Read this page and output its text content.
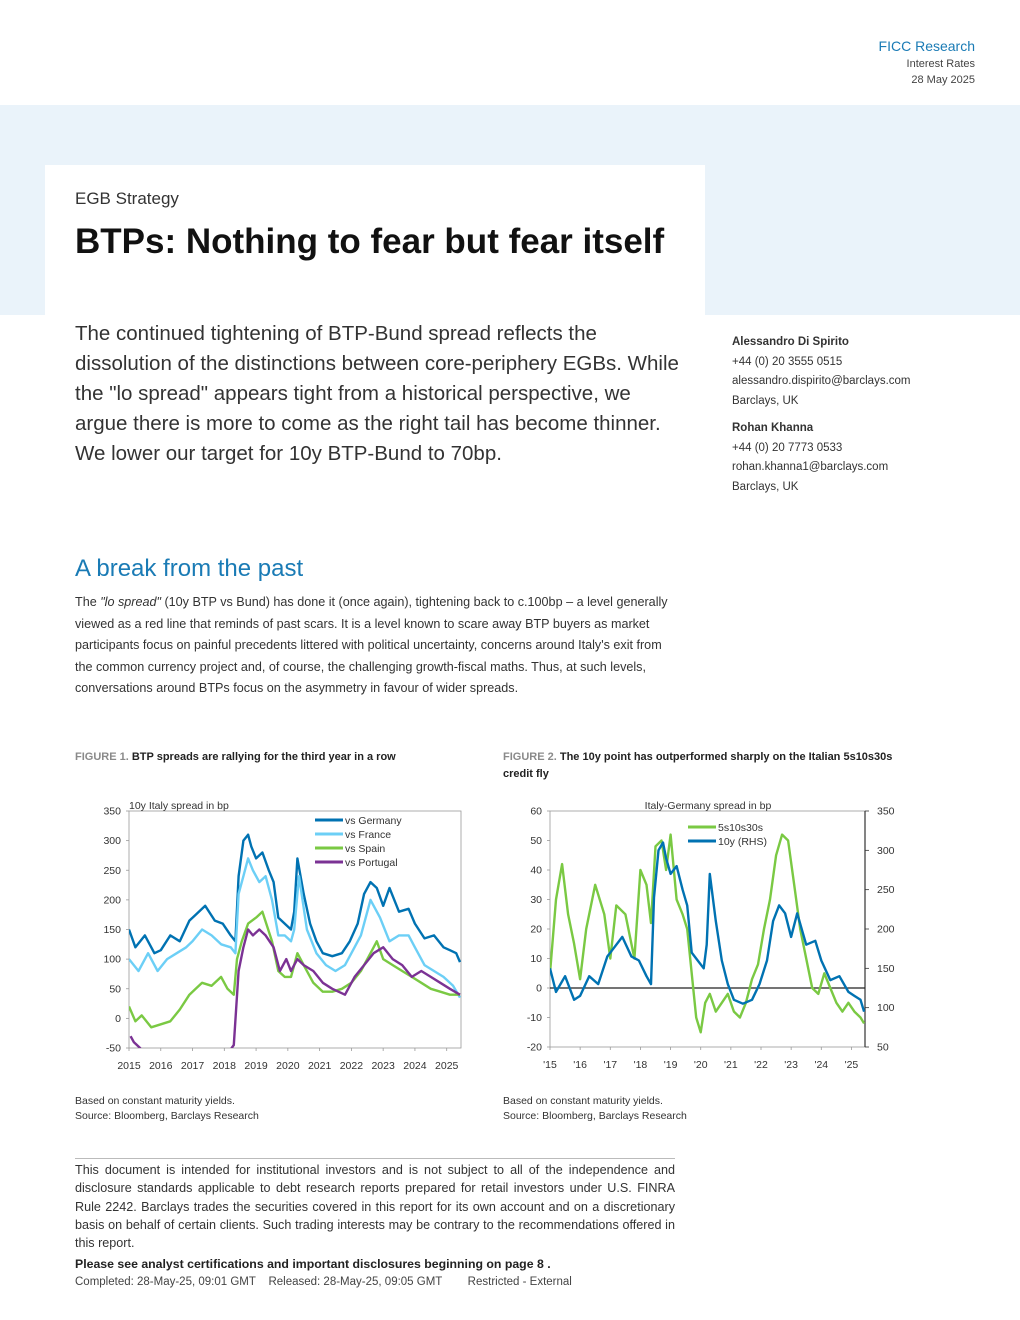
FICC Research
Interest Rates
28 May 2025
EGB Strategy
BTPs: Nothing to fear but fear itself

The continued tightening of BTP-Bund spread reflects the dissolution of the distinctions between core-periphery EGBs. While the "lo spread" appears tight from a historical perspective, we argue there is more to come as the right tail has become thinner. We lower our target for 10y BTP-Bund to 70bp.

Alessandro Di Spirito
+44 (0) 20 3555 0515
alessandro.dispirito@barclays.com
Barclays, UK
Rohan Khanna
+44 (0) 20 7773 0533
rohan.khanna1@barclays.com
Barclays, UK
A break from the past

The "lo spread" (10y BTP vs Bund) has done it (once again), tightening back to c.100bp – a level generally viewed as a red line that reminds of past scars. It is a level known to scare away BTP buyers as market participants focus on painful precedents littered with political uncertainty, concerns around Italy's exit from the common currency project and, of course, the challenging growth-fiscal maths. Thus, at such levels, conversations around BTPs focus on the asymmetry in favour of wider spreads.

FIGURE 1. BTP spreads are rallying for the third year in a row	FIGURE 2. The 10y point has outperformed sharply on the Italian 5s10s30s credit fly
10y Italy spread in bp
350
300
250
200
150
100
50
0
-50
2015 2016 2017 2018 2019 2020 2021 2022 2023 2024 2025
vs Germany
vs France
vs Spain
vs Portugal
Italy-Germany spread in bp
60
50
40
30
20
10
0
-10
-20
350
300
250
200
150
100
50
'15 '16 '17 '18 '19 '20 '21 '22 '23 '24 '25
5s10s30s
10y (RHS)
Based on constant maturity yields.
Source: Bloomberg, Barclays Research
Based on constant maturity yields.
Source: Bloomberg, Barclays Research

This document is intended for institutional investors and is not subject to all of the independence and disclosure standards applicable to debt research reports prepared for retail investors under U.S. FINRA Rule 2242. Barclays trades the securities covered in this report for its own account and on a discretionary basis on behalf of certain clients. Such trading interests may be contrary to the recommendations offered in this report.

Please see analyst certifications and important disclosures beginning on page 8 .
Completed: 28-May-25, 09:01 GMT    Released: 28-May-25, 09:05 GMT        Restricted - External
